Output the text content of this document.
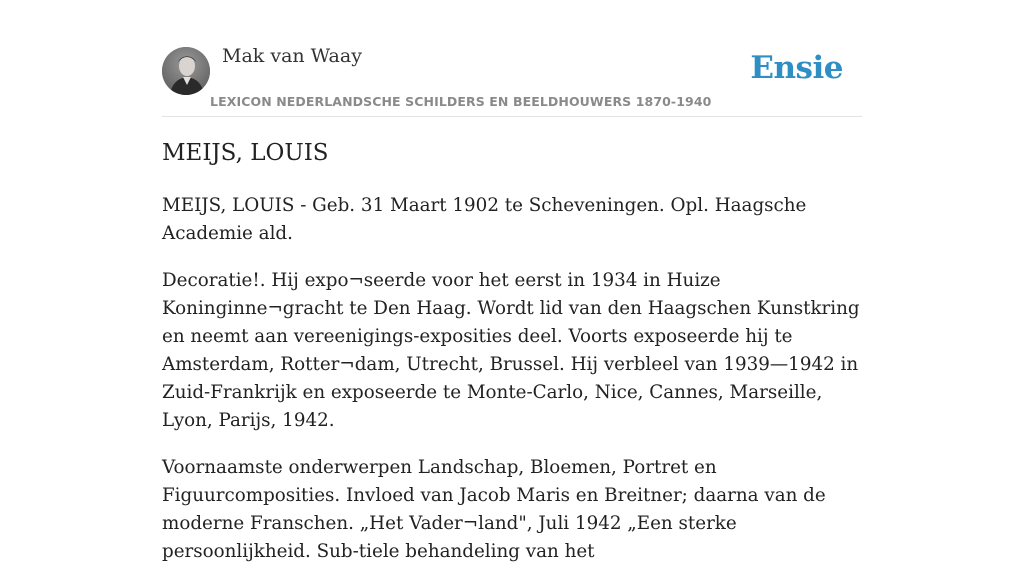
Mak van Waay
LEXICON NEDERLANDSCHE SCHILDERS EN BEELDHOUWERS 1870-1940
Ensie
MEIJS, LOUIS

MEIJS, LOUIS - Geb. 31 Maart 1902 te Scheveningen. Opl. Haagsche Academie ald.

Decoratie!. Hij expo¬seerde voor het eerst in 1934 in Huize Koninginne¬gracht te Den Haag. Wordt lid van den Haagschen Kunstkring en neemt aan vereenigings-exposities deel. Voorts exposeerde hij te Amsterdam, Rotter¬dam, Utrecht, Brussel. Hij verbleel van 1939—1942 in Zuid-Frankrijk en exposeerde te Monte-Carlo, Nice, Cannes, Marseille, Lyon, Parijs, 1942.

Voornaamste onderwerpen Landschap, Bloemen, Portret en Figuurcomposities. Invloed van Jacob Maris en Breitner; daarna van de moderne Franschen. „Het Vader¬land", Juli 1942 „Een sterke persoonlijkheid. Sub-tiele behandeling van het
